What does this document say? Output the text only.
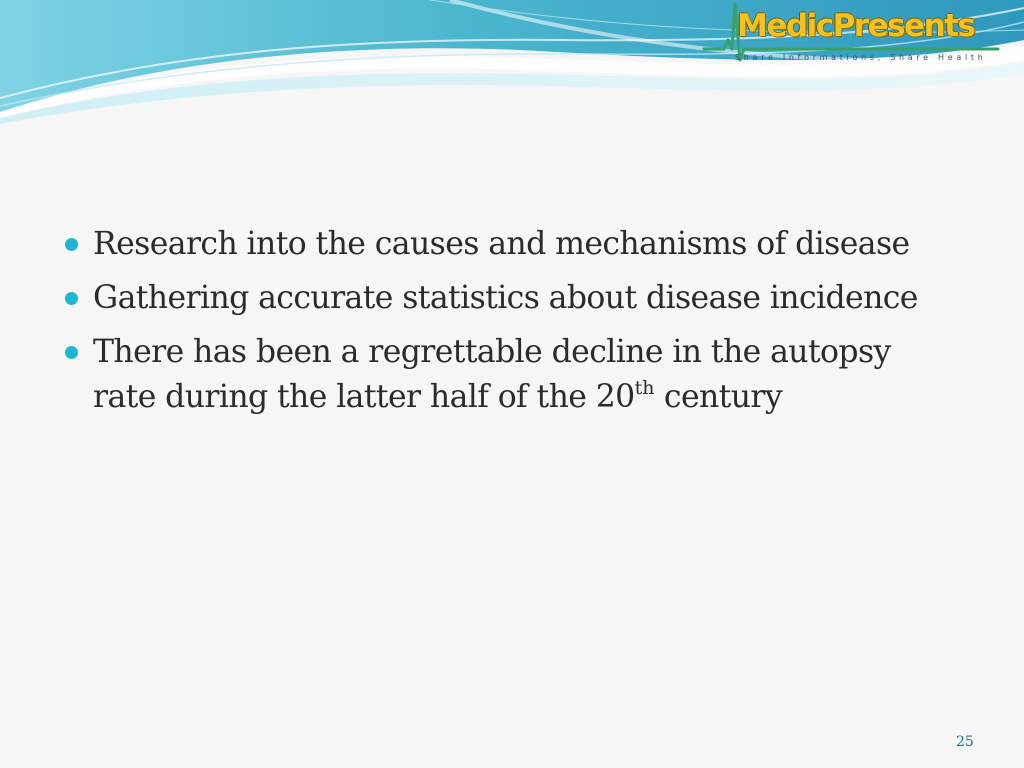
MedicPresents
Share Informations, Share Health
Research into the causes and mechanisms of disease
Gathering accurate statistics about disease incidence
There has been a regrettable decline in the autopsy rate during the latter half of the 20th century
25
